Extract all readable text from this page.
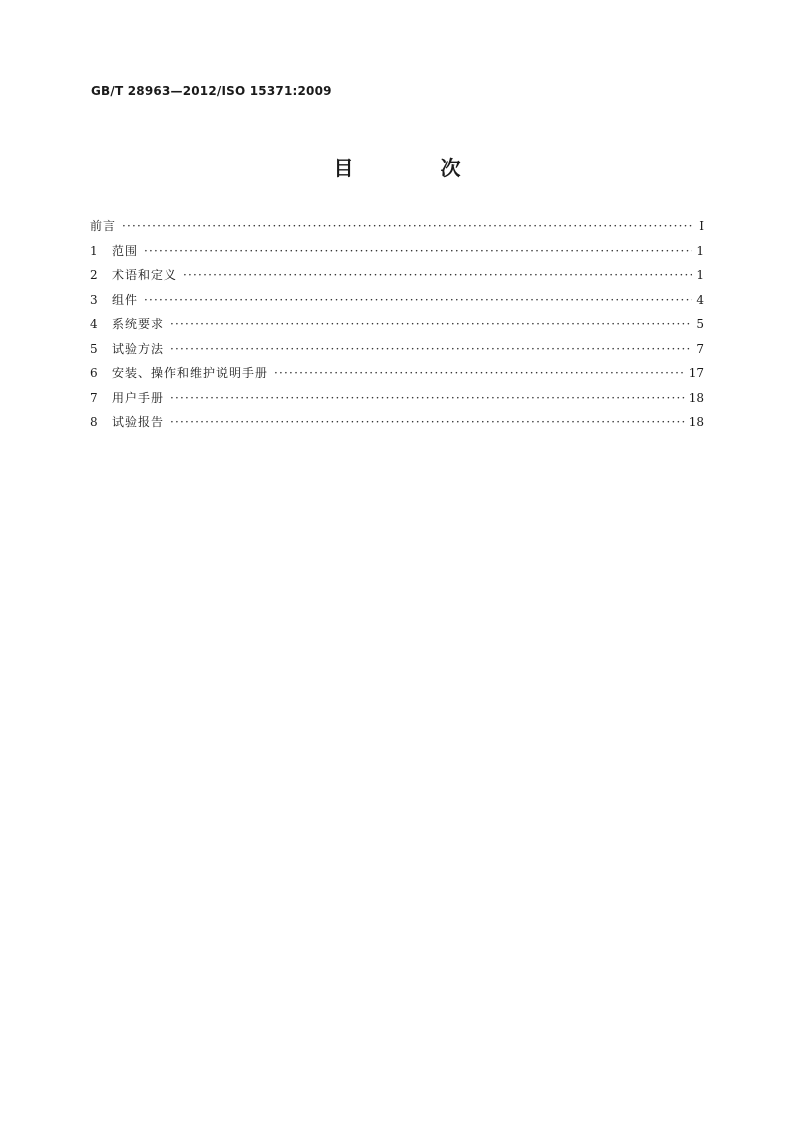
GB/T 28963—2012/ISO 15371:2009
目 次
前言 ·····	Ⅰ
1	范围 ·····	1
2	术语和定义 ·····	1
3	组件 ·····	4
4	系统要求 ·····	5
5	试验方法 ·····	7
6	安装、操作和维护说明手册 ·····	17
7	用户手册 ·····	18
8	试验报告 ·····	18
